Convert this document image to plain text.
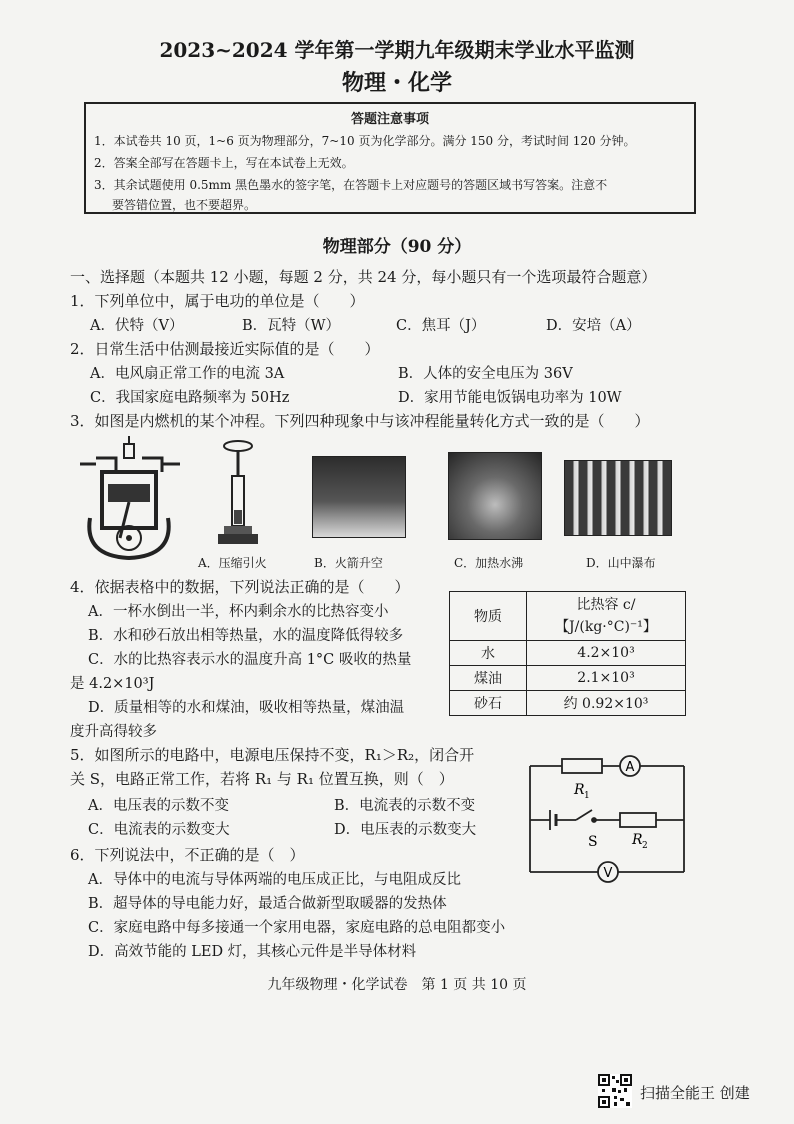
2023~2024 学年第一学期九年级期末学业水平监测
物理・化学
答题注意事项
1．本试卷共 10 页，1~6 页为物理部分，7~10 页为化学部分。满分 150 分，考试时间 120 分钟。
2．答案全部写在答题卡上，写在本试卷上无效。
3．其余试题使用 0.5mm 黑色墨水的签字笔，在答题卡上对应题号的答题区域书写答案。注意不
要答错位置，也不要超界。
物理部分（90 分）
一、选择题（本题共 12 小题，每题 2 分，共 24 分，每小题只有一个选项最符合题意）
1．下列单位中，属于电功的单位是（　　）
A．伏特（V）	B．瓦特（W）	C．焦耳（J）	D．安培（A）
2．日常生活中估测最接近实际值的是（　　）
A．电风扇正常工作的电流 3A	B．人体的安全电压为 36V
C．我国家庭电路频率为 50Hz	D．家用节能电饭锅电功率为 10W
3．如图是内燃机的某个冲程。下列四种现象中与该冲程能量转化方式一致的是（　　）
A．压缩引火	B．火箭升空	C．加热水沸	D．山中瀑布
4．依据表格中的数据，下列说法正确的是（　　）
A．一杯水倒出一半，杯内剩余水的比热容变小
B．水和砂石放出相等热量，水的温度降低得较多
C．水的比热容表示水的温度升高 1°C 吸收的热量
是 4.2×10³J
D．质量相等的水和煤油，吸收相等热量，煤油温
度升高得较多
物质	比热容 c/
【J/(kg·°C)⁻¹】

水	4.2×10³
煤油	2.1×10³
砂石	约 0.92×10³
5．如图所示的电路中，电源电压保持不变，R₁＞R₂，闭合开
关 S，电路正常工作，若将 R₁ 与 R₁ 位置互换，则（　）
A．电压表的示数不变	B．电流表的示数不变
C．电流表的示数变大	D．电压表的示数变大
R 1
A
S R 2
V
6．下列说法中，不正确的是（　）
A．导体中的电流与导体两端的电压成正比，与电阻成反比
B．超导体的导电能力好，最适合做新型取暖器的发热体
C．家庭电路中每多接通一个家用电器，家庭电路的总电阻都变小
D．高效节能的 LED 灯，其核心元件是半导体材料
九年级物理・化学试卷　第 1 页 共 10 页
扫描全能王 创建
